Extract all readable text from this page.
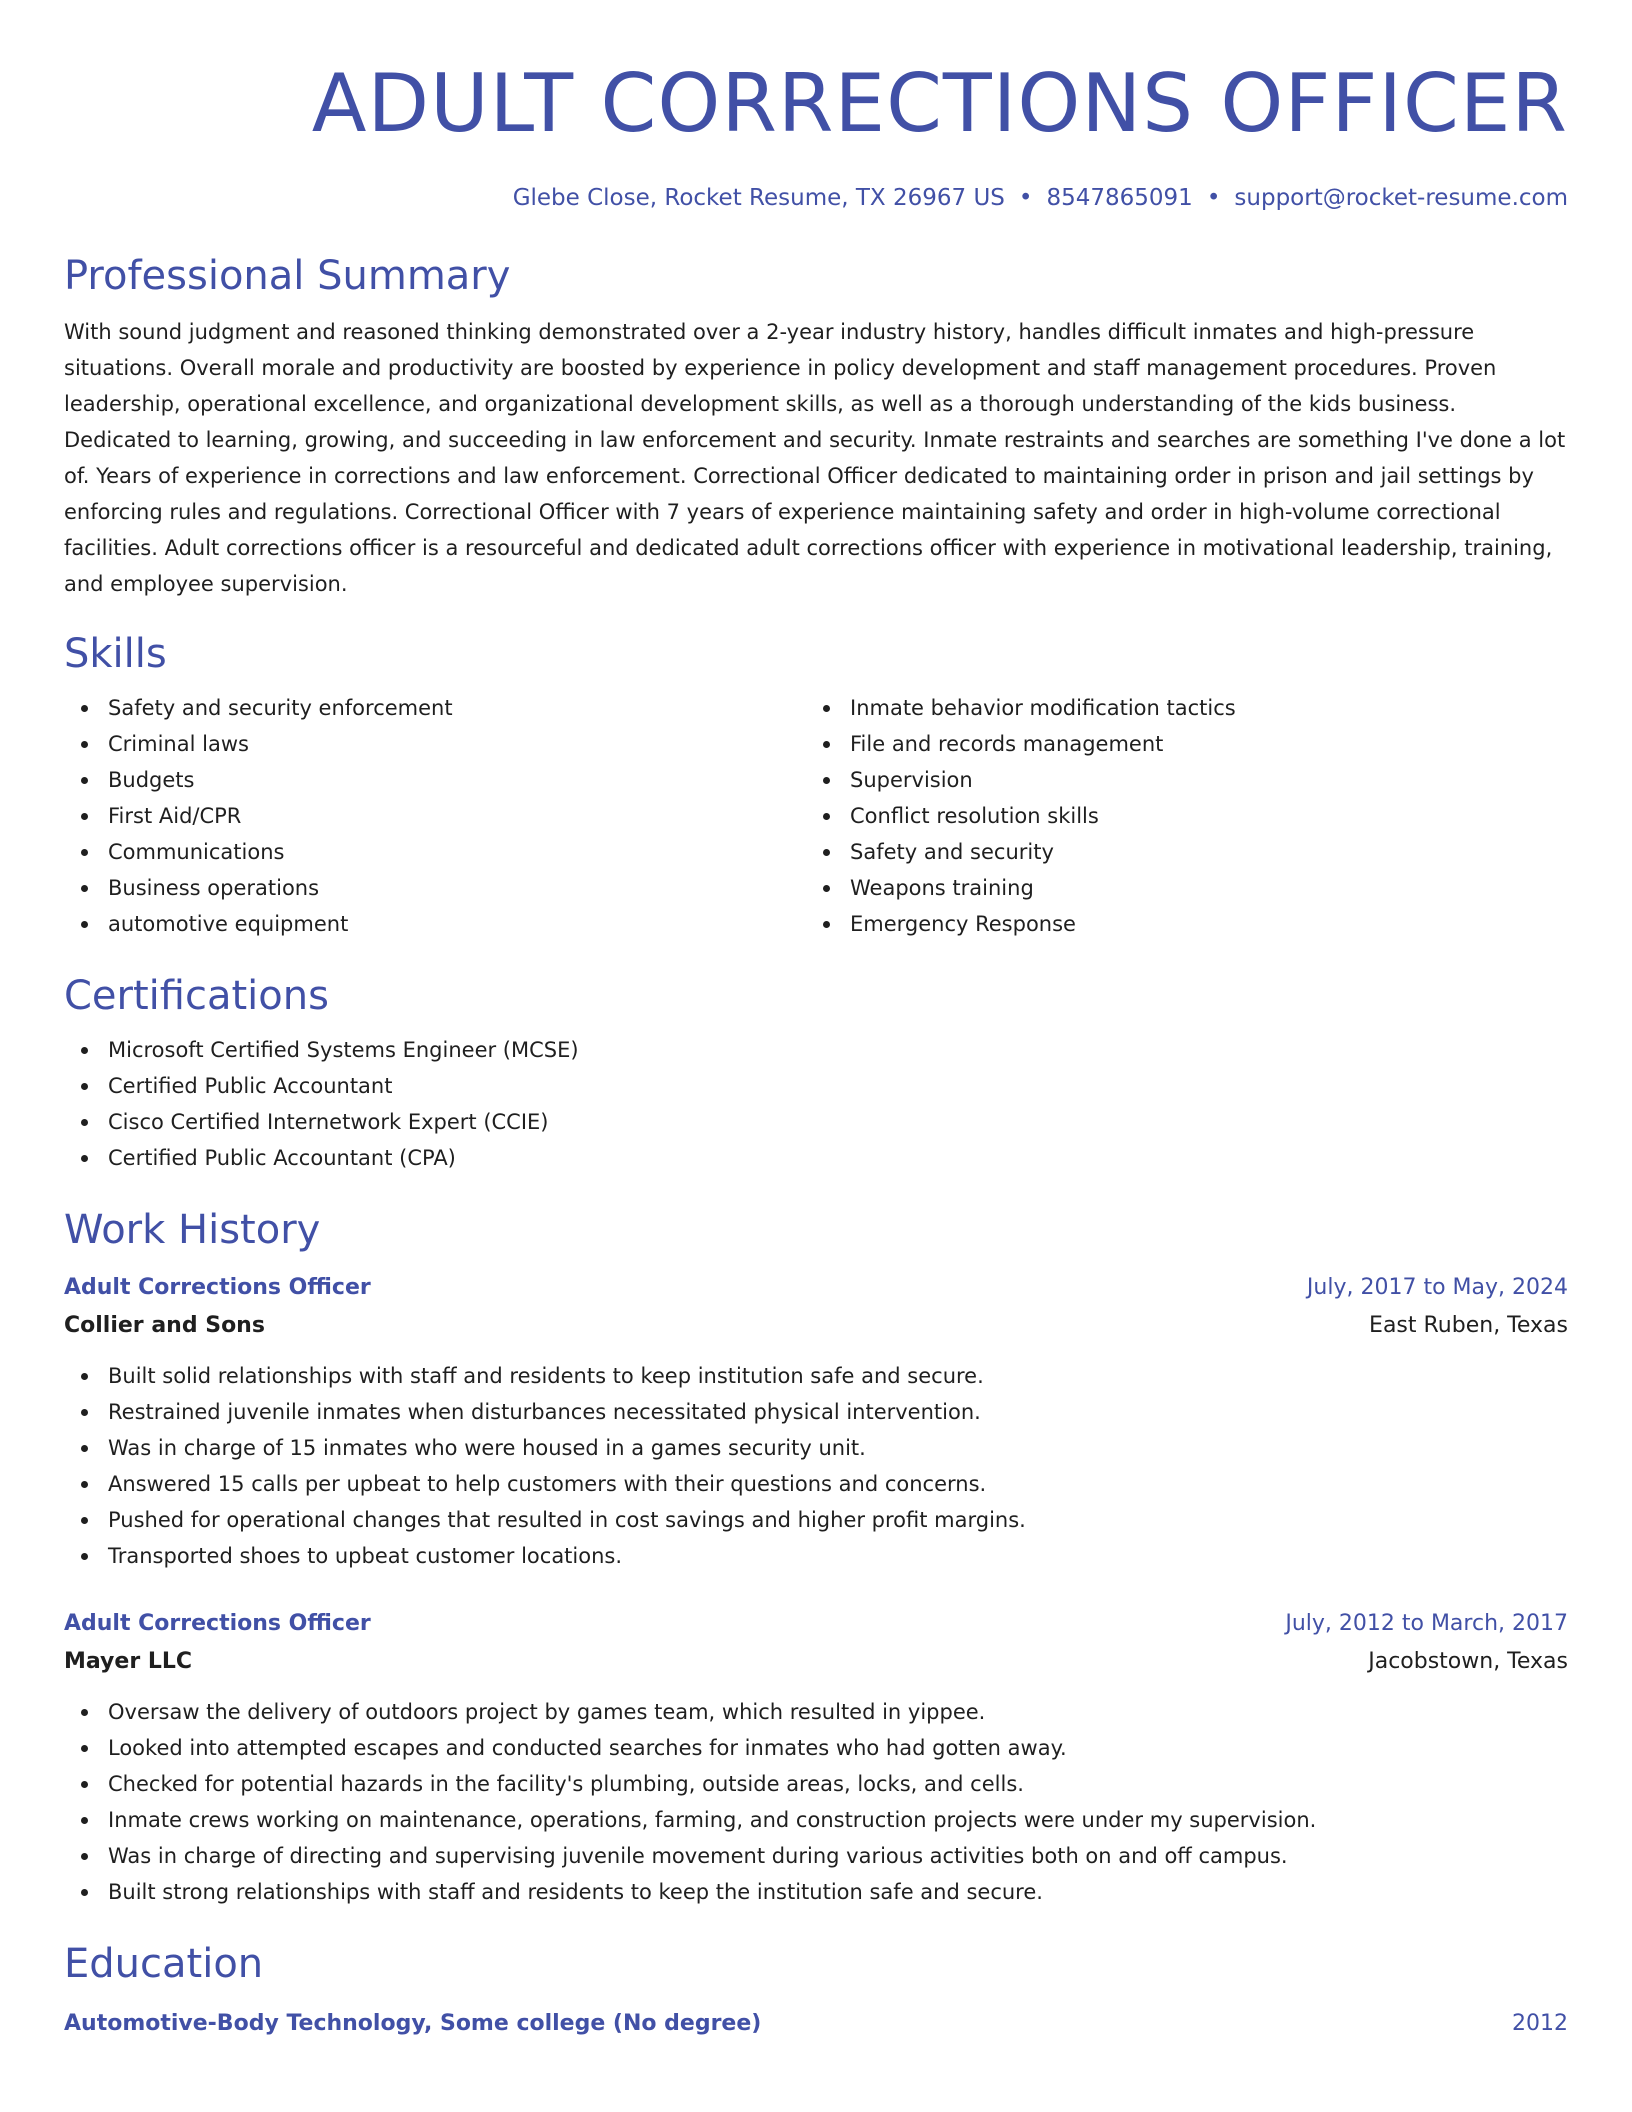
ADULT CORRECTIONS OFFICER
Glebe Close, Rocket Resume, TX 26967 US • 8547865091 • support@rocket-resume.com
Professional Summary

With sound judgment and reasoned thinking demonstrated over a 2-year industry history, handles difficult inmates and high-pressure situations. Overall morale and productivity are boosted by experience in policy development and staff management procedures. Proven leadership, operational excellence, and organizational development skills, as well as a thorough understanding of the kids business. Dedicated to learning, growing, and succeeding in law enforcement and security. Inmate restraints and searches are something I've done a lot of. Years of experience in corrections and law enforcement. Correctional Officer dedicated to maintaining order in prison and jail settings by enforcing rules and regulations. Correctional Officer with 7 years of experience maintaining safety and order in high-volume correctional facilities. Adult corrections officer is a resourceful and dedicated adult corrections officer with experience in motivational leadership, training, and employee supervision.

Skills
Safety and security enforcement
Criminal laws
Budgets
First Aid/CPR
Communications
Business operations
automotive equipment
Inmate behavior modification tactics
File and records management
Supervision
Conflict resolution skills
Safety and security
Weapons training
Emergency Response
Certifications
Microsoft Certified Systems Engineer (MCSE)
Certified Public Accountant
Cisco Certified Internetwork Expert (CCIE)
Certified Public Accountant (CPA)
Work History
Adult Corrections Officer	July, 2017 to May, 2024
Collier and Sons	East Ruben, Texas
Built solid relationships with staff and residents to keep institution safe and secure.
Restrained juvenile inmates when disturbances necessitated physical intervention.
Was in charge of 15 inmates who were housed in a games security unit.
Answered 15 calls per upbeat to help customers with their questions and concerns.
Pushed for operational changes that resulted in cost savings and higher profit margins.
Transported shoes to upbeat customer locations.
Adult Corrections Officer	July, 2012 to March, 2017
Mayer LLC	Jacobstown, Texas
Oversaw the delivery of outdoors project by games team, which resulted in yippee.
Looked into attempted escapes and conducted searches for inmates who had gotten away.
Checked for potential hazards in the facility's plumbing, outside areas, locks, and cells.
Inmate crews working on maintenance, operations, farming, and construction projects were under my supervision.
Was in charge of directing and supervising juvenile movement during various activities both on and off campus.
Built strong relationships with staff and residents to keep the institution safe and secure.
Education
Automotive-Body Technology, Some college (No degree)	2012
